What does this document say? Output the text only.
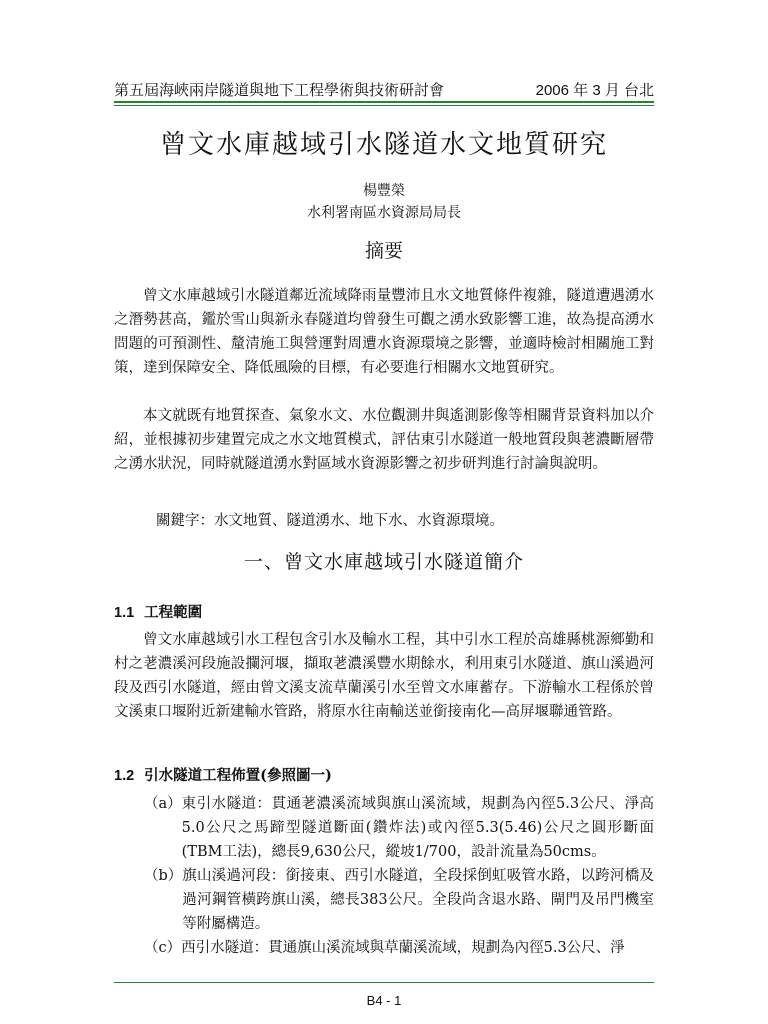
第五屆海峽兩岸隧道與地下工程學術與技術研討會	2006 年 3 月 台北
曾文水庫越域引水隧道水文地質研究
楊豐榮
水利署南區水資源局局長
摘要

曾文水庫越域引水隧道鄰近流域降雨量豐沛且水文地質條件複雜，隧道遭遇湧水之潛勢甚高，鑑於雪山與新永春隧道均曾發生可觀之湧水致影響工進，故為提高湧水問題的可預測性、釐清施工與營運對周遭水資源環境之影響，並適時檢討相關施工對策，達到保障安全、降低風險的目標，有必要進行相關水文地質研究。

本文就既有地質探查、氣象水文、水位觀測井與遙測影像等相關背景資料加以介紹，並根據初步建置完成之水文地質模式，評估東引水隧道一般地質段與荖濃斷層帶之湧水狀況，同時就隧道湧水對區域水資源影響之初步研判進行討論與說明。

關鍵字：水文地質、隧道湧水、地下水、水資源環境。
一、曾文水庫越域引水隧道簡介
1.1 工程範圍

曾文水庫越域引水工程包含引水及輸水工程，其中引水工程於高雄縣桃源鄉勤和村之荖濃溪河段施設攔河堰，擷取荖濃溪豐水期餘水，利用東引水隧道、旗山溪過河段及西引水隧道，經由曾文溪支流草蘭溪引水至曾文水庫蓄存。下游輸水工程係於曾文溪東口堰附近新建輸水管路，將原水往南輸送並銜接南化—高屏堰聯通管路。

1.2 引水隧道工程佈置(參照圖一)
（a） 東引水隧道：貫通荖濃溪流域與旗山溪流域，規劃為內徑5.3公尺、淨高5.0公尺之馬蹄型隧道斷面(鑽炸法)或內徑5.3(5.46)公尺之圓形斷面(TBM工法)，總長9,630公尺，縱坡1/700，設計流量為50cms。
（b） 旗山溪過河段：銜接東、西引水隧道，全段採倒虹吸管水路，以跨河橋及過河鋼管橫跨旗山溪，總長383公尺。全段尚含退水路、閘門及吊門機室等附屬構造。
（c） 西引水隧道：貫通旗山溪流域與草蘭溪流域，規劃為內徑5.3公尺、淨
B4 - 1
